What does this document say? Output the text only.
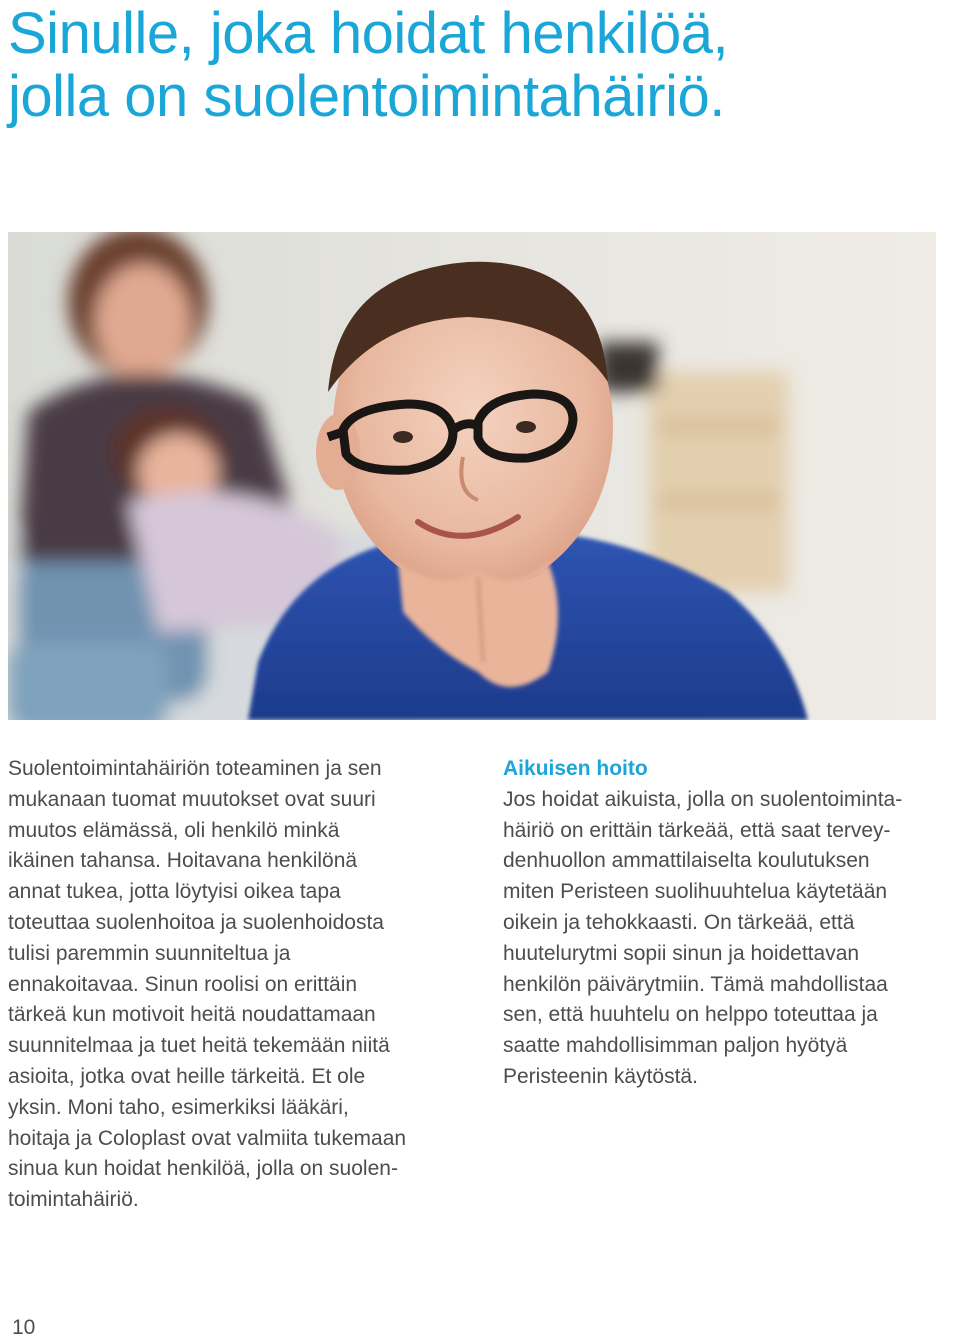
Sinulle, joka hoidat henkilöä,
jolla on suolentoimintahäiriö.
Suolentoimintahäiriön toteaminen ja sen
mukanaan tuomat muutokset ovat suuri
muutos elämässä, oli henkilö minkä
ikäinen tahansa. Hoitavana henkilönä
annat tukea, jotta löytyisi oikea tapa
toteuttaa suolenhoitoa ja suolenhoidosta
tulisi paremmin suunniteltua ja
ennakoitavaa. Sinun roolisi on erittäin
tärkeä kun motivoit heitä noudattamaan
suunnitelmaa ja tuet heitä tekemään niitä
asioita, jotka ovat heille tärkeitä. Et ole
yksin. Moni taho, esimerkiksi lääkäri,
hoitaja ja Coloplast ovat valmiita tukemaan
sinua kun hoidat henkilöä, jolla on suolen-
toimintahäiriö.
Aikuisen hoito
Jos hoidat aikuista, jolla on suolentoiminta-
häiriö on erittäin tärkeää, että saat tervey-
denhuollon ammattilaiselta koulutuksen
miten Peristeen suolihuuhtelua käytetään
oikein ja tehokkaasti. On tärkeää, että
huutelurytmi sopii sinun ja hoidettavan
henkilön päivärytmiin. Tämä mahdollistaa
sen, että huuhtelu on helppo toteuttaa ja
saatte mahdollisimman paljon hyötyä
Peristeenin käytöstä.
10
